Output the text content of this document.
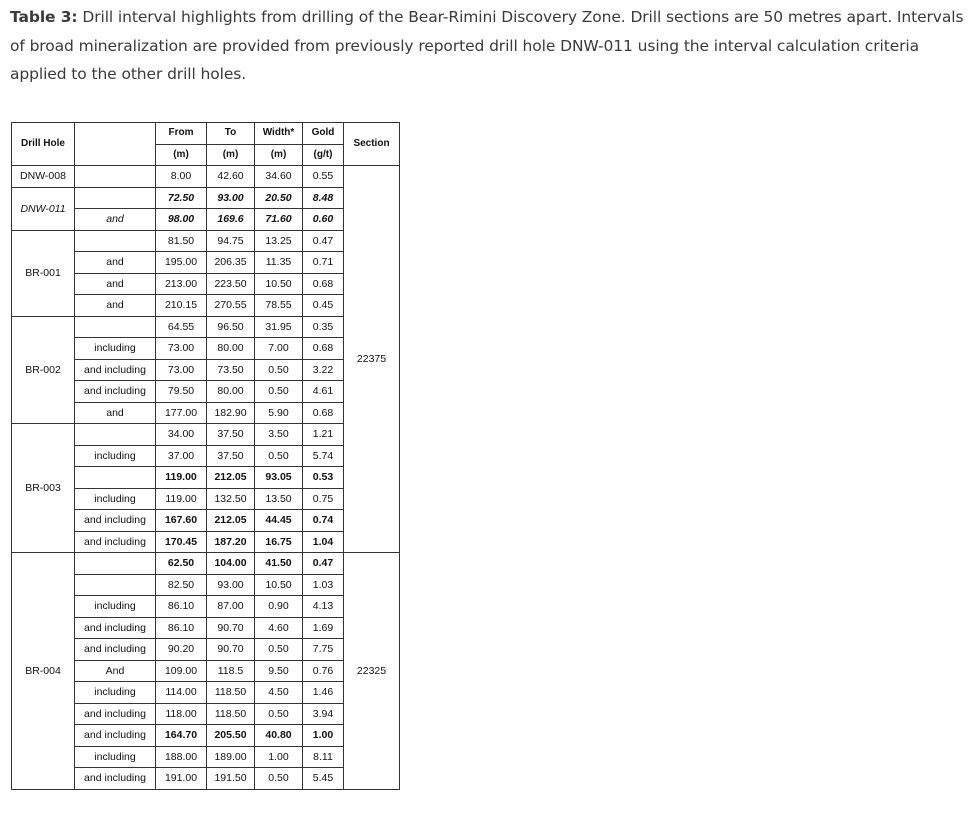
Table 3: Drill interval highlights from drilling of the Bear-Rimini Discovery Zone. Drill sections are 50 metres apart. Intervals of broad mineralization are provided from previously reported drill hole DNW-011 using the interval calculation criteria applied to the other drill holes.
Drill Hole		From	To	Width*	Gold	Section
		(m)	(m)	(m)	(g/t)	
DNW-008		8.00	42.60	34.60	0.55	22375
DNW-011		72.50	93.00	20.50	8.48	
	and	98.00	169.6	71.60	0.60	
BR-001		81.50	94.75	13.25	0.47	
	and	195.00	206.35	11.35	0.71	
	and	213.00	223.50	10.50	0.68	
	and	210.15	270.55	78.55	0.45	
BR-002		64.55	96.50	31.95	0.35	
	including	73.00	80.00	7.00	0.68	
	and including	73.00	73.50	0.50	3.22	
	and including	79.50	80.00	0.50	4.61	
	and	177.00	182.90	5.90	0.68	
BR-003		34.00	37.50	3.50	1.21	
	including	37.00	37.50	0.50	5.74	
		119.00	212.05	93.05	0.53	
	including	119.00	132.50	13.50	0.75	
	and including	167.60	212.05	44.45	0.74	
	and including	170.45	187.20	16.75	1.04	
BR-004		62.50	104.00	41.50	0.47	22325
		82.50	93.00	10.50	1.03	
	including	86.10	87.00	0.90	4.13	
	and including	86.10	90.70	4.60	1.69	
	and including	90.20	90.70	0.50	7.75	
	And	109.00	118.5	9.50	0.76	
	including	114.00	118.50	4.50	1.46	
	and including	118.00	118.50	0.50	3.94	
	and including	164.70	205.50	40.80	1.00	
	including	188.00	189.00	1.00	8.11	
	and including	191.00	191.50	0.50	5.45	
